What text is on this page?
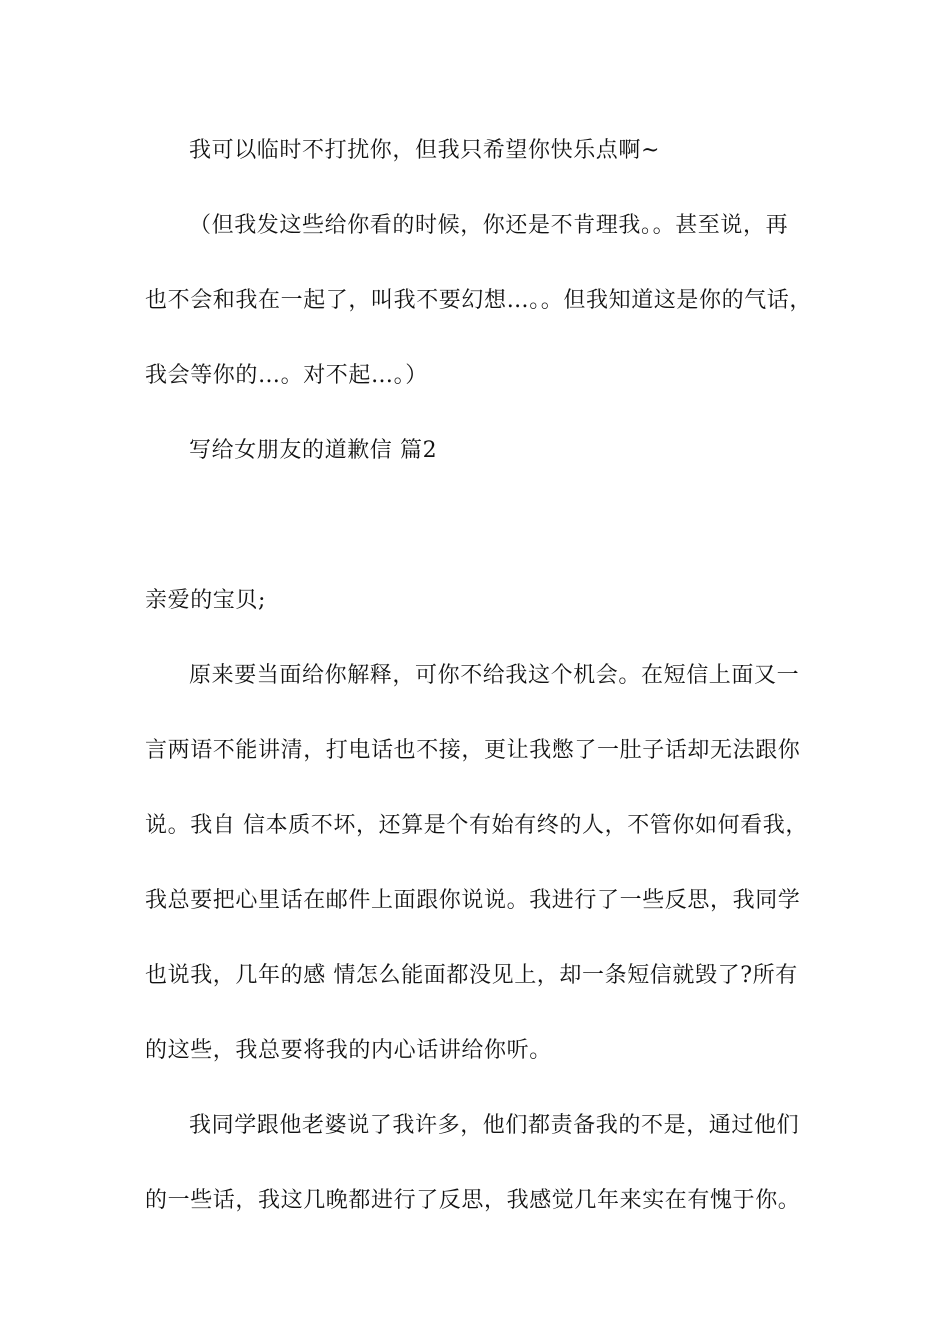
我可以临时不打扰你，但我只希望你快乐点啊~
（但我发这些给你看的时候，你还是不肯理我。。甚至说，再
也不会和我在一起了，叫我不要幻想…。。但我知道这是你的气话，
我会等你的…。对不起…。）
写给女朋友的道歉信 篇2
亲爱的宝贝;
原来要当面给你解释，可你不给我这个机会。在短信上面又一
言两语不能讲清，打电话也不接，更让我憋了一肚子话却无法跟你
说。我自 信本质不坏，还算是个有始有终的人，不管你如何看我，
我总要把心里话在邮件上面跟你说说。我进行了一些反思，我同学
也说我，几年的感 情怎么能面都没见上，却一条短信就毁了?所有
的这些，我总要将我的内心话讲给你听。
我同学跟他老婆说了我许多，他们都责备我的不是，通过他们
的一些话，我这几晚都进行了反思，我感觉几年来实在有愧于你。
